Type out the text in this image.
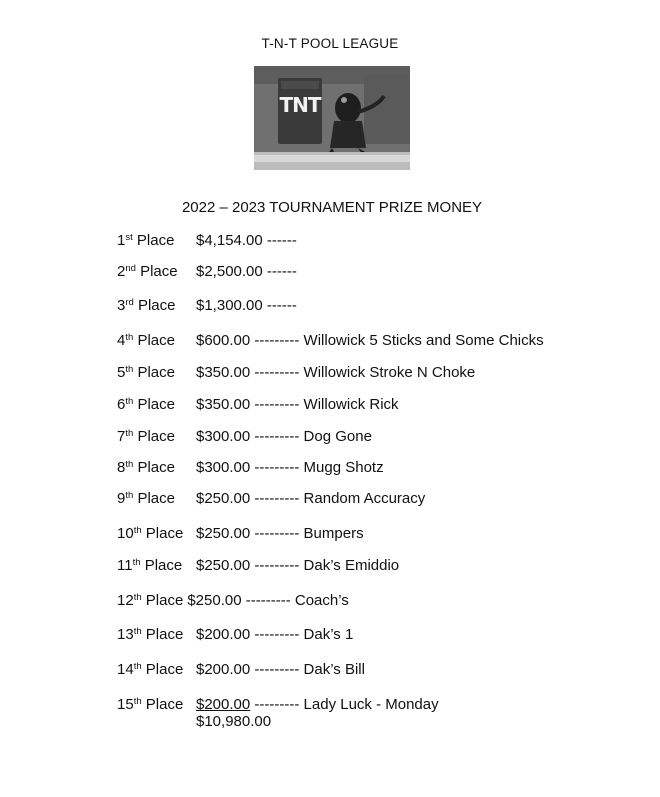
T-N-T POOL LEAGUE
TNT
2022 – 2023 TOURNAMENT PRIZE MONEY
1st Place $4,154.00 ------
2nd Place $2,500.00 ------
3rd Place $1,300.00 ------
4th Place $600.00 --------- Willowick 5 Sticks and Some Chicks
5th Place $350.00 --------- Willowick Stroke N Choke
6th Place $350.00 --------- Willowick Rick
7th Place $300.00 --------- Dog Gone
8th Place $300.00 --------- Mugg Shotz
9th Place $250.00 --------- Random Accuracy
10th Place $250.00 --------- Bumpers
11th Place $250.00 --------- Dak’s Emiddio
12th Place $250.00 --------- Coach’s
13th Place $200.00 --------- Dak’s 1
14th Place $200.00 --------- Dak’s Bill
15th Place $200.00 --------- Lady Luck - Monday
$10,980.00
